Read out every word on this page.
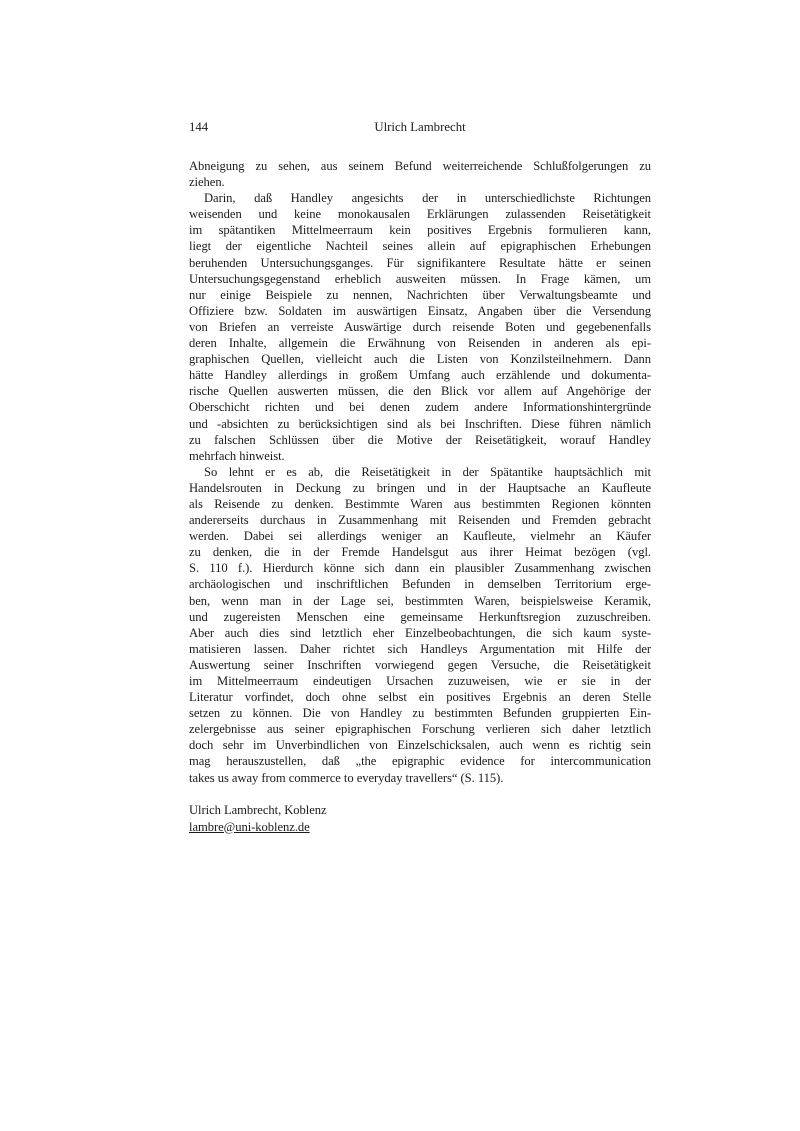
144	Ulrich Lambrecht
Abneigung zu sehen, aus seinem Befund weiterreichende Schlußfolgerungen zu
ziehen.
Darin, daß Handley angesichts der in unterschiedlichste Richtungen
weisenden und keine monokausalen Erklärungen zulassenden Reisetätigkeit
im spätantiken Mittelmeerraum kein positives Ergebnis formulieren kann,
liegt der eigentliche Nachteil seines allein auf epigraphischen Erhebungen
beruhenden Untersuchungsganges. Für signifikantere Resultate hätte er seinen
Untersuchungsgegenstand erheblich ausweiten müssen. In Frage kämen, um
nur einige Beispiele zu nennen, Nachrichten über Verwaltungsbeamte und
Offiziere bzw. Soldaten im auswärtigen Einsatz, Angaben über die Versendung
von Briefen an verreiste Auswärtige durch reisende Boten und gegebenenfalls
deren Inhalte, allgemein die Erwähnung von Reisenden in anderen als epi-
graphischen Quellen, vielleicht auch die Listen von Konzilsteilnehmern. Dann
hätte Handley allerdings in großem Umfang auch erzählende und dokumenta-
rische Quellen auswerten müssen, die den Blick vor allem auf Angehörige der
Oberschicht richten und bei denen zudem andere Informationshintergründe
und -absichten zu berücksichtigen sind als bei Inschriften. Diese führen nämlich
zu falschen Schlüssen über die Motive der Reisetätigkeit, worauf Handley
mehrfach hinweist.
So lehnt er es ab, die Reisetätigkeit in der Spätantike hauptsächlich mit
Handelsrouten in Deckung zu bringen und in der Hauptsache an Kaufleute
als Reisende zu denken. Bestimmte Waren aus bestimmten Regionen könnten
andererseits durchaus in Zusammenhang mit Reisenden und Fremden gebracht
werden. Dabei sei allerdings weniger an Kaufleute, vielmehr an Käufer
zu denken, die in der Fremde Handelsgut aus ihrer Heimat bezögen (vgl.
S. 110 f.). Hierdurch könne sich dann ein plausibler Zusammenhang zwischen
archäologischen und inschriftlichen Befunden in demselben Territorium erge-
ben, wenn man in der Lage sei, bestimmten Waren, beispielsweise Keramik,
und zugereisten Menschen eine gemeinsame Herkunftsregion zuzuschreiben.
Aber auch dies sind letztlich eher Einzelbeobachtungen, die sich kaum syste-
matisieren lassen. Daher richtet sich Handleys Argumentation mit Hilfe der
Auswertung seiner Inschriften vorwiegend gegen Versuche, die Reisetätigkeit
im Mittelmeerraum eindeutigen Ursachen zuzuweisen, wie er sie in der
Literatur vorfindet, doch ohne selbst ein positives Ergebnis an deren Stelle
setzen zu können. Die von Handley zu bestimmten Befunden gruppierten Ein-
zelergebnisse aus seiner epigraphischen Forschung verlieren sich daher letztlich
doch sehr im Unverbindlichen von Einzelschicksalen, auch wenn es richtig sein
mag herauszustellen, daß „the epigraphic evidence for intercommunication
takes us away from commerce to everyday travellers“ (S. 115).
Ulrich Lambrecht, Koblenz
lambre@uni-koblenz.de
